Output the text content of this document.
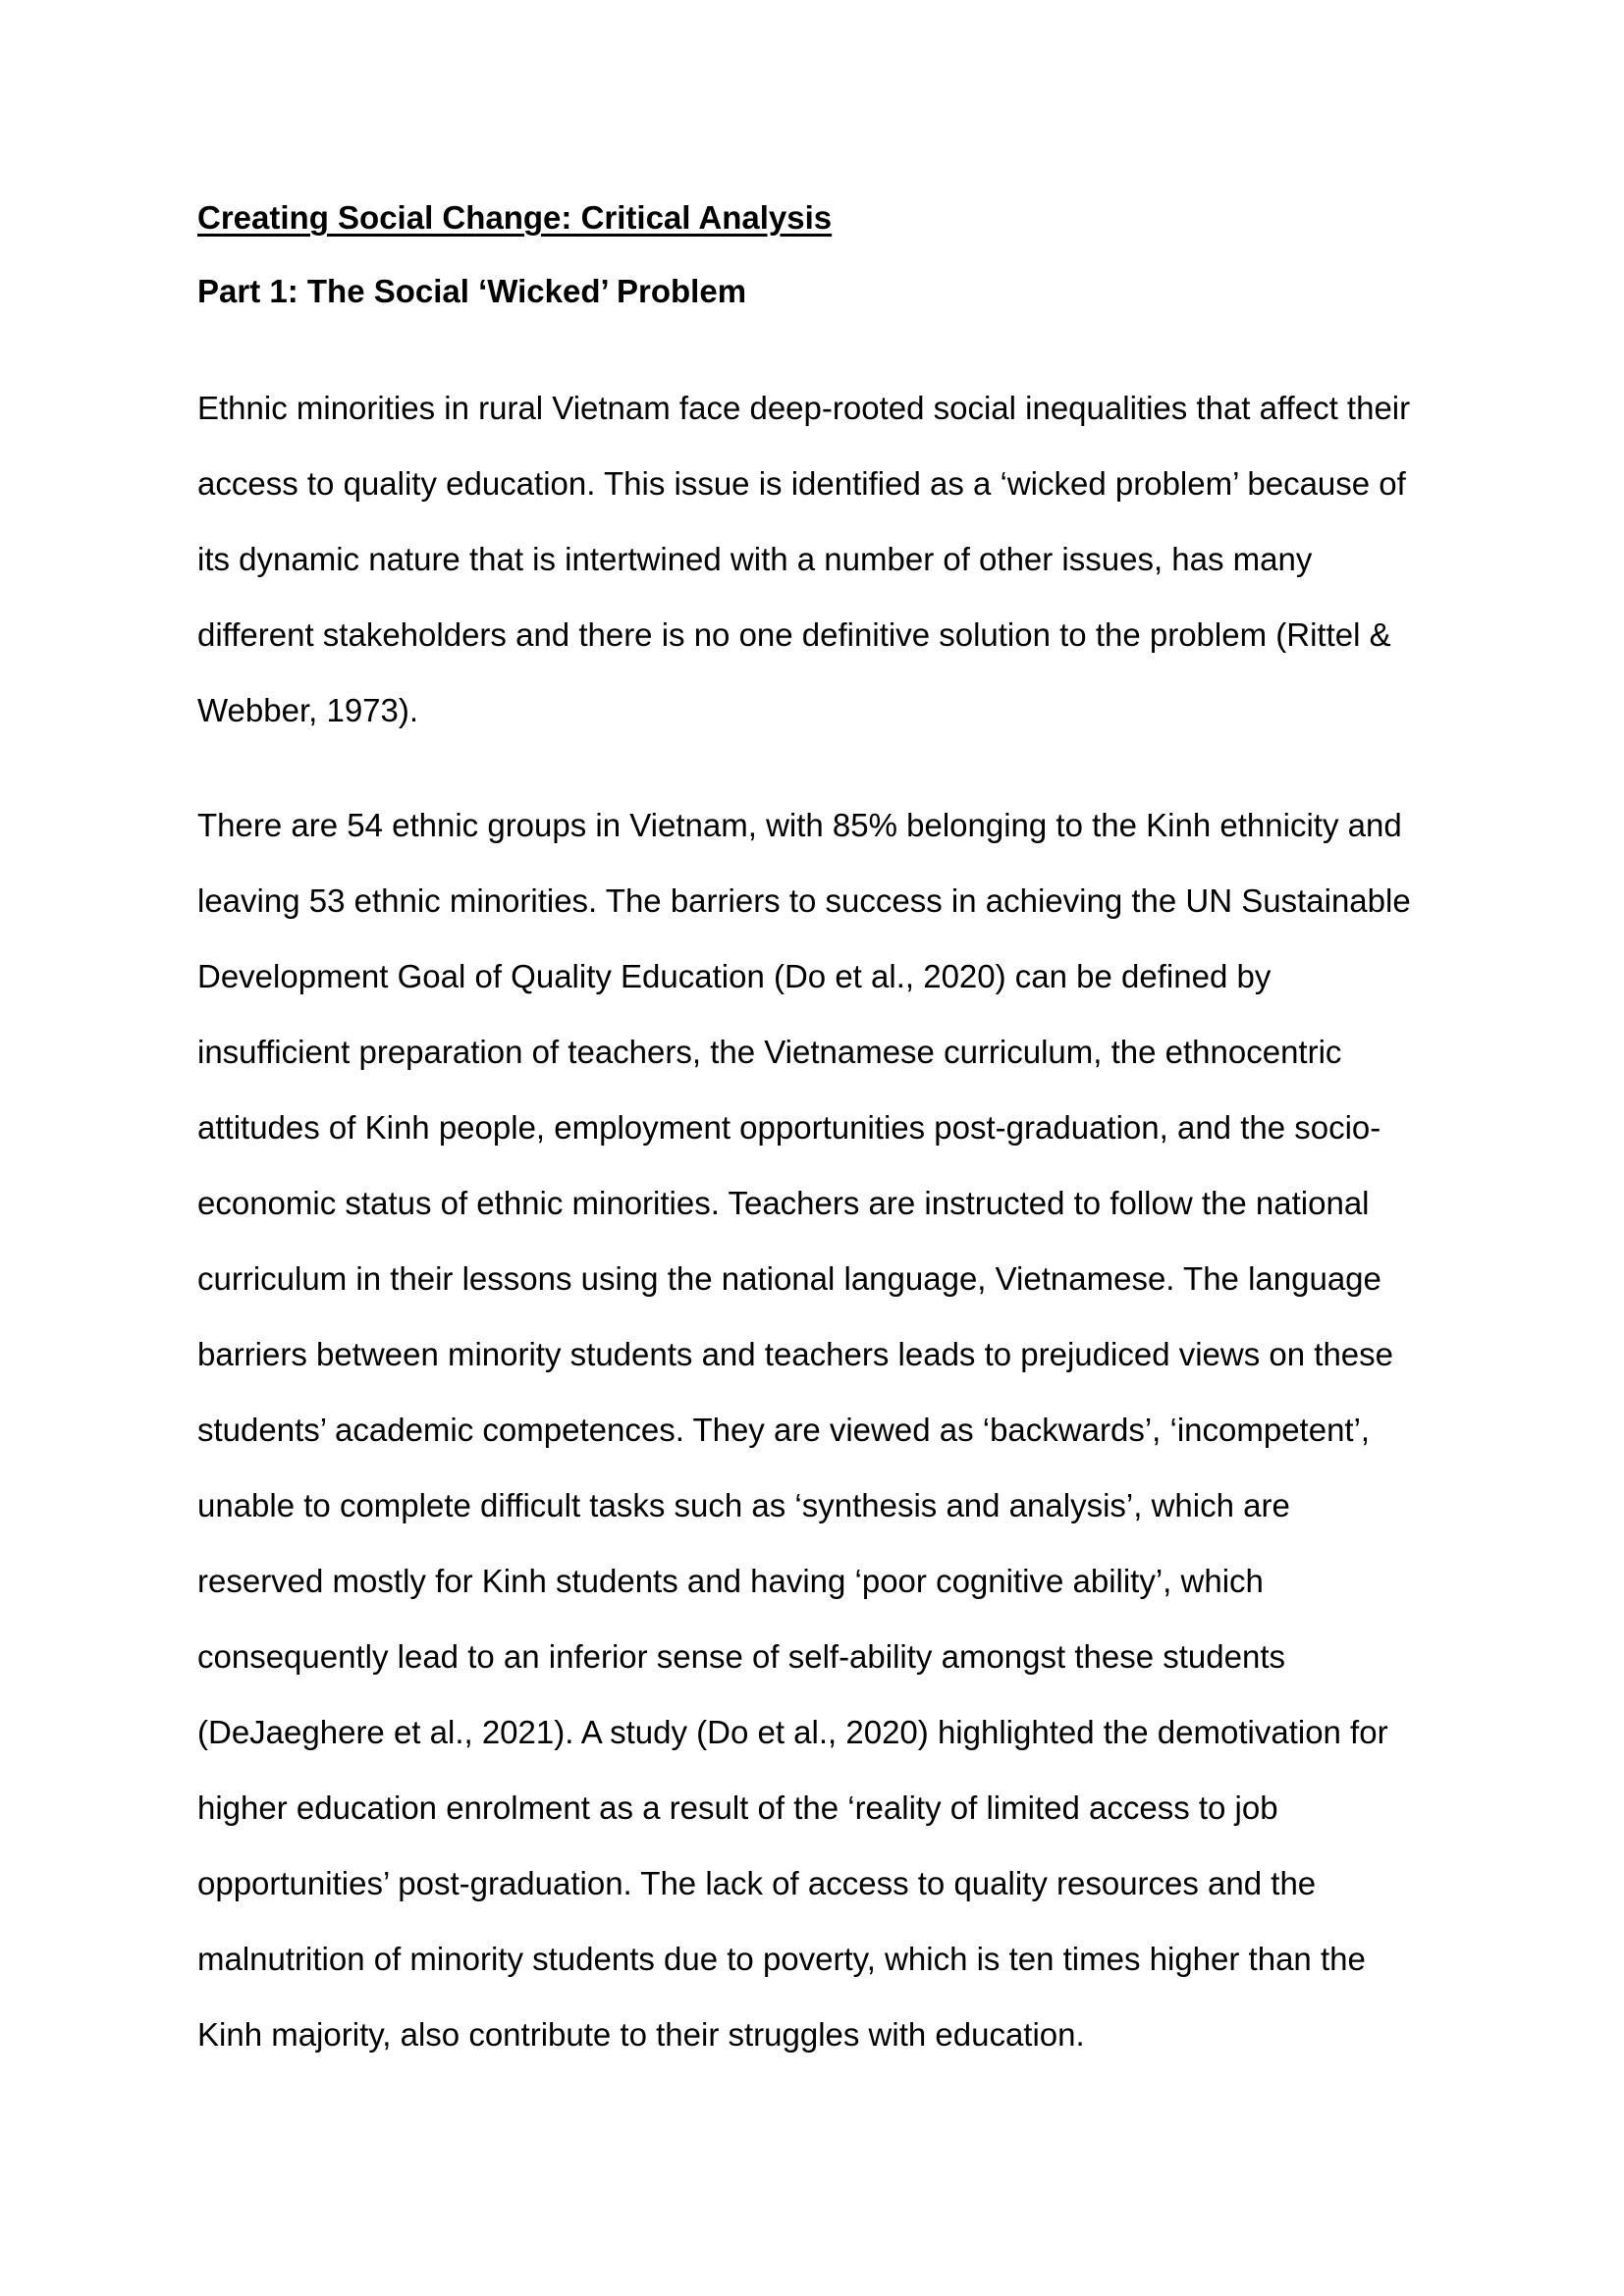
Creating Social Change: Critical Analysis
Part 1: The Social ‘Wicked’ Problem
Ethnic minorities in rural Vietnam face deep-rooted social inequalities that affect their
access to quality education. This issue is identified as a ‘wicked problem’ because of
its dynamic nature that is intertwined with a number of other issues, has many
different stakeholders and there is no one definitive solution to the problem (Rittel &
Webber, 1973).
There are 54 ethnic groups in Vietnam, with 85% belonging to the Kinh ethnicity and
leaving 53 ethnic minorities. The barriers to success in achieving the UN Sustainable
Development Goal of Quality Education (Do et al., 2020) can be defined by
insufficient preparation of teachers, the Vietnamese curriculum, the ethnocentric
attitudes of Kinh people, employment opportunities post-graduation, and the socio-
economic status of ethnic minorities. Teachers are instructed to follow the national
curriculum in their lessons using the national language, Vietnamese. The language
barriers between minority students and teachers leads to prejudiced views on these
students’ academic competences. They are viewed as ‘backwards’, ‘incompetent’,
unable to complete difficult tasks such as ‘synthesis and analysis’, which are
reserved mostly for Kinh students and having ‘poor cognitive ability’, which
consequently lead to an inferior sense of self-ability amongst these students
(DeJaeghere et al., 2021). A study (Do et al., 2020) highlighted the demotivation for
higher education enrolment as a result of the ‘reality of limited access to job
opportunities’ post-graduation. The lack of access to quality resources and the
malnutrition of minority students due to poverty, which is ten times higher than the
Kinh majority, also contribute to their struggles with education.
